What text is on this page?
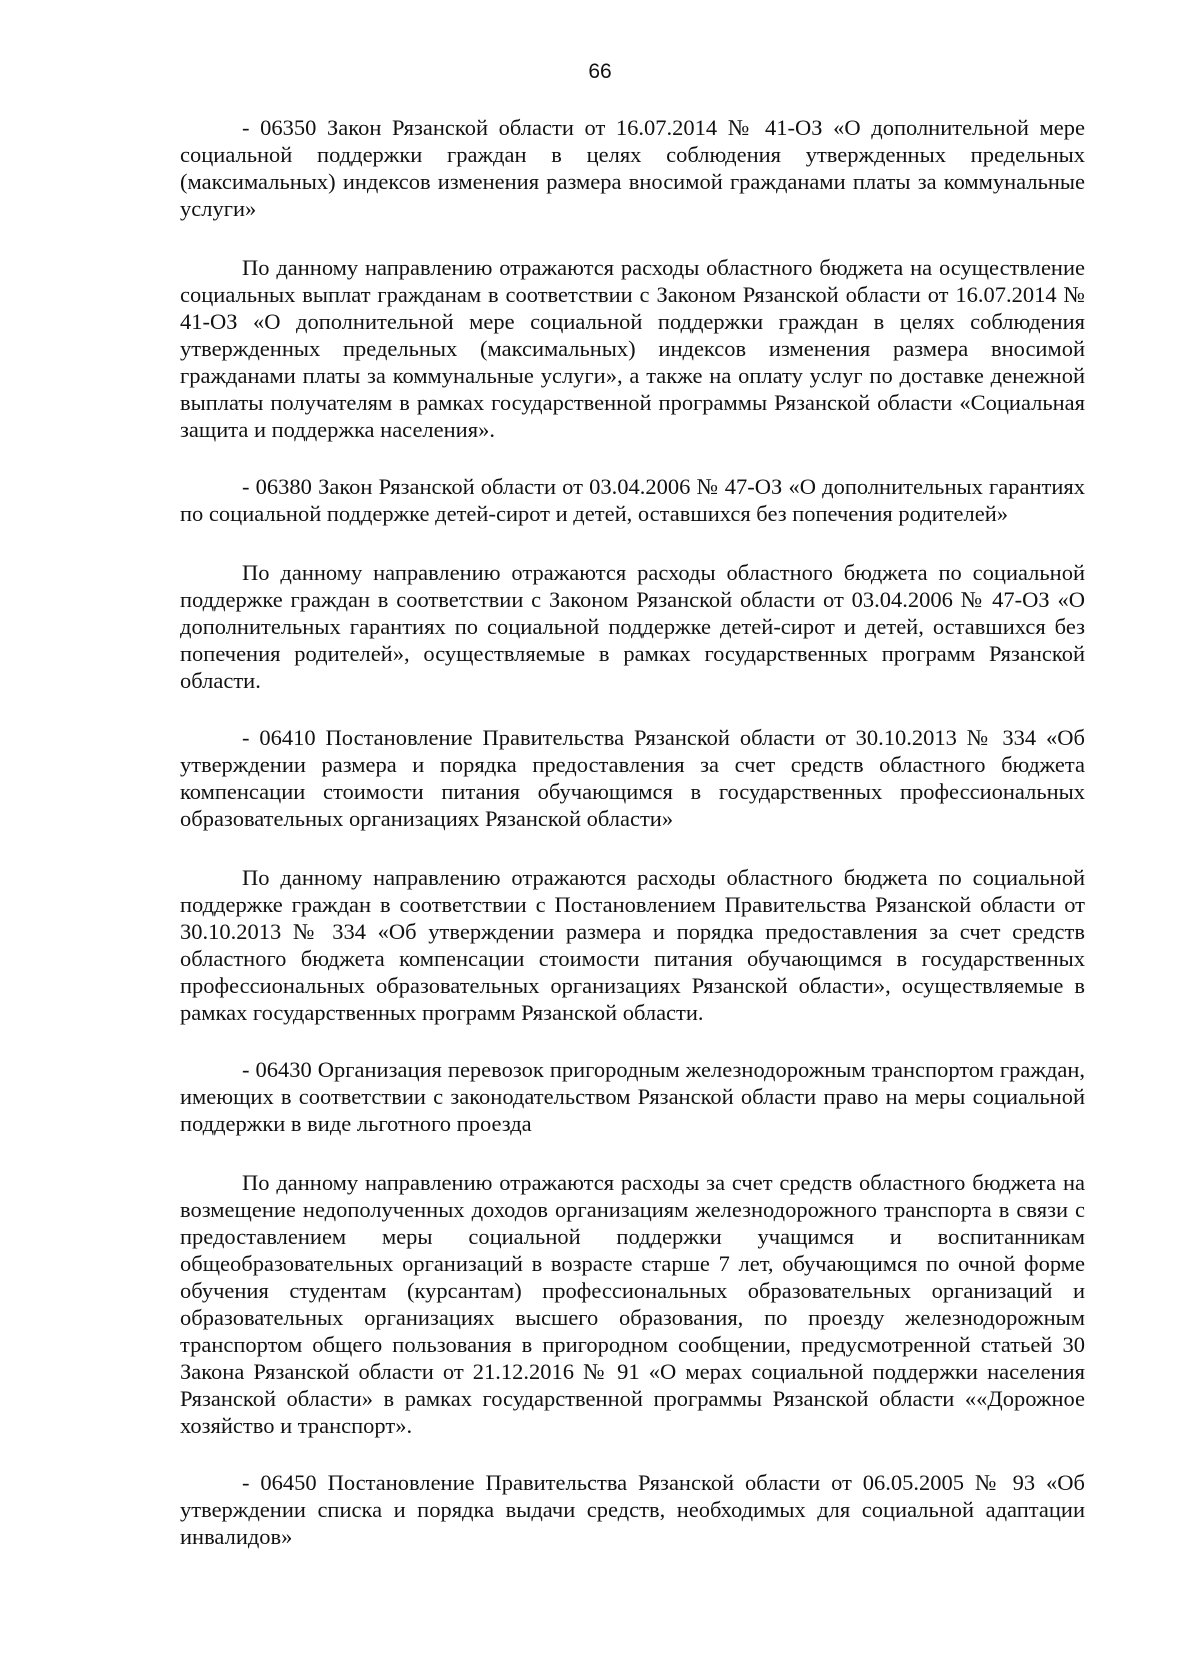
66

- 06350 Закон Рязанской области от 16.07.2014 № 41-ОЗ «О дополнительной мере социальной поддержки граждан в целях соблюдения утвержденных предельных (максимальных) индексов изменения размера вносимой гражданами платы за коммунальные услуги»

По данному направлению отражаются расходы областного бюджета на осуществление социальных выплат гражданам в соответствии с Законом Рязанской области от 16.07.2014 № 41-ОЗ «О дополнительной мере социальной поддержки граждан в целях соблюдения утвержденных предельных (максимальных) индексов изменения размера вносимой гражданами платы за коммунальные услуги», а также на оплату услуг по доставке денежной выплаты получателям в рамках государственной программы Рязанской области «Социальная защита и поддержка населения».

- 06380 Закон Рязанской области от 03.04.2006 № 47-ОЗ «О дополнительных гарантиях по социальной поддержке детей-сирот и детей, оставшихся без попечения родителей»

По данному направлению отражаются расходы областного бюджета по социальной поддержке граждан в соответствии с Законом Рязанской области от 03.04.2006 № 47-ОЗ «О дополнительных гарантиях по социальной поддержке детей-сирот и детей, оставшихся без попечения родителей», осуществляемые в рамках государственных программ Рязанской области.

- 06410 Постановление Правительства Рязанской области от 30.10.2013 № 334 «Об утверждении размера и порядка предоставления за счет средств областного бюджета компенсации стоимости питания обучающимся в государственных профессиональных образовательных организациях Рязанской области»

По данному направлению отражаются расходы областного бюджета по социальной поддержке граждан в соответствии с Постановлением Правительства Рязанской области от 30.10.2013 № 334 «Об утверждении размера и порядка предоставления за счет средств областного бюджета компенсации стоимости питания обучающимся в государственных профессиональных образовательных организациях Рязанской области», осуществляемые в рамках государственных программ Рязанской области.

- 06430 Организация перевозок пригородным железнодорожным транспортом граждан, имеющих в соответствии с законодательством Рязанской области право на меры социальной поддержки в виде льготного проезда

По данному направлению отражаются расходы за счет средств областного бюджета на возмещение недополученных доходов организациям железнодорожного транспорта в связи с предоставлением меры социальной поддержки учащимся и воспитанникам общеобразовательных организаций в возрасте старше 7 лет, обучающимся по очной форме обучения студентам (курсантам) профессиональных образовательных организаций и образовательных организациях высшего образования, по проезду железнодорожным транспортом общего пользования в пригородном сообщении, предусмотренной статьей 30 Закона Рязанской области от 21.12.2016 № 91 «О мерах социальной поддержки населения Рязанской области» в рамках государственной программы Рязанской области ««Дорожное хозяйство и транспорт».

- 06450 Постановление Правительства Рязанской области от 06.05.2005 № 93 «Об утверждении списка и порядка выдачи средств, необходимых для социальной адаптации инвалидов»
